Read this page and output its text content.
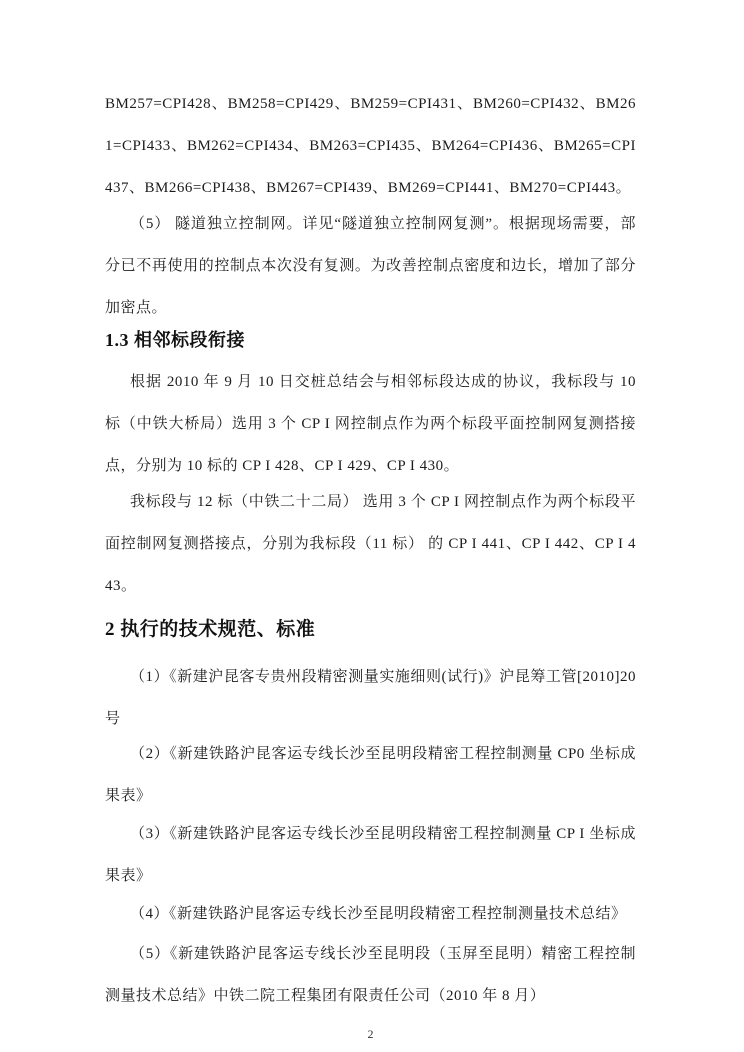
BM257=CPI428、BM258=CPI429、BM259=CPI431、BM260=CPI432、BM261=CPI433、BM262=CPI434、BM263=CPI435、BM264=CPI436、BM265=CPI437、BM266=CPI438、BM267=CPI439、BM269=CPI441、BM270=CPI443。

（5） 隧道独立控制网。详见“隧道独立控制网复测”。根据现场需要，部分已不再使用的控制点本次没有复测。为改善控制点密度和边长，增加了部分加密点。

1.3 相邻标段衔接

根据 2010 年 9 月 10 日交桩总结会与相邻标段达成的协议，我标段与 10 标（中铁大桥局）选用 3 个 CP I 网控制点作为两个标段平面控制网复测搭接点，分别为 10 标的 CP I 428、CP I 429、CP I 430。

我标段与 12 标（中铁二十二局） 选用 3 个 CP I 网控制点作为两个标段平面控制网复测搭接点，分别为我标段（11 标） 的 CP I 441、CP I 442、CP I 443。

2 执行的技术规范、标准

（1）《新建沪昆客专贵州段精密测量实施细则(试行)》沪昆筹工管[2010]20 号

（2）《新建铁路沪昆客运专线长沙至昆明段精密工程控制测量 CP0 坐标成果表》

（3）《新建铁路沪昆客运专线长沙至昆明段精密工程控制测量 CP I 坐标成果表》

（4）《新建铁路沪昆客运专线长沙至昆明段精密工程控制测量技术总结》

（5）《新建铁路沪昆客运专线长沙至昆明段（玉屏至昆明）精密工程控制测量技术总结》中铁二院工程集团有限责任公司（2010 年 8 月）

2
